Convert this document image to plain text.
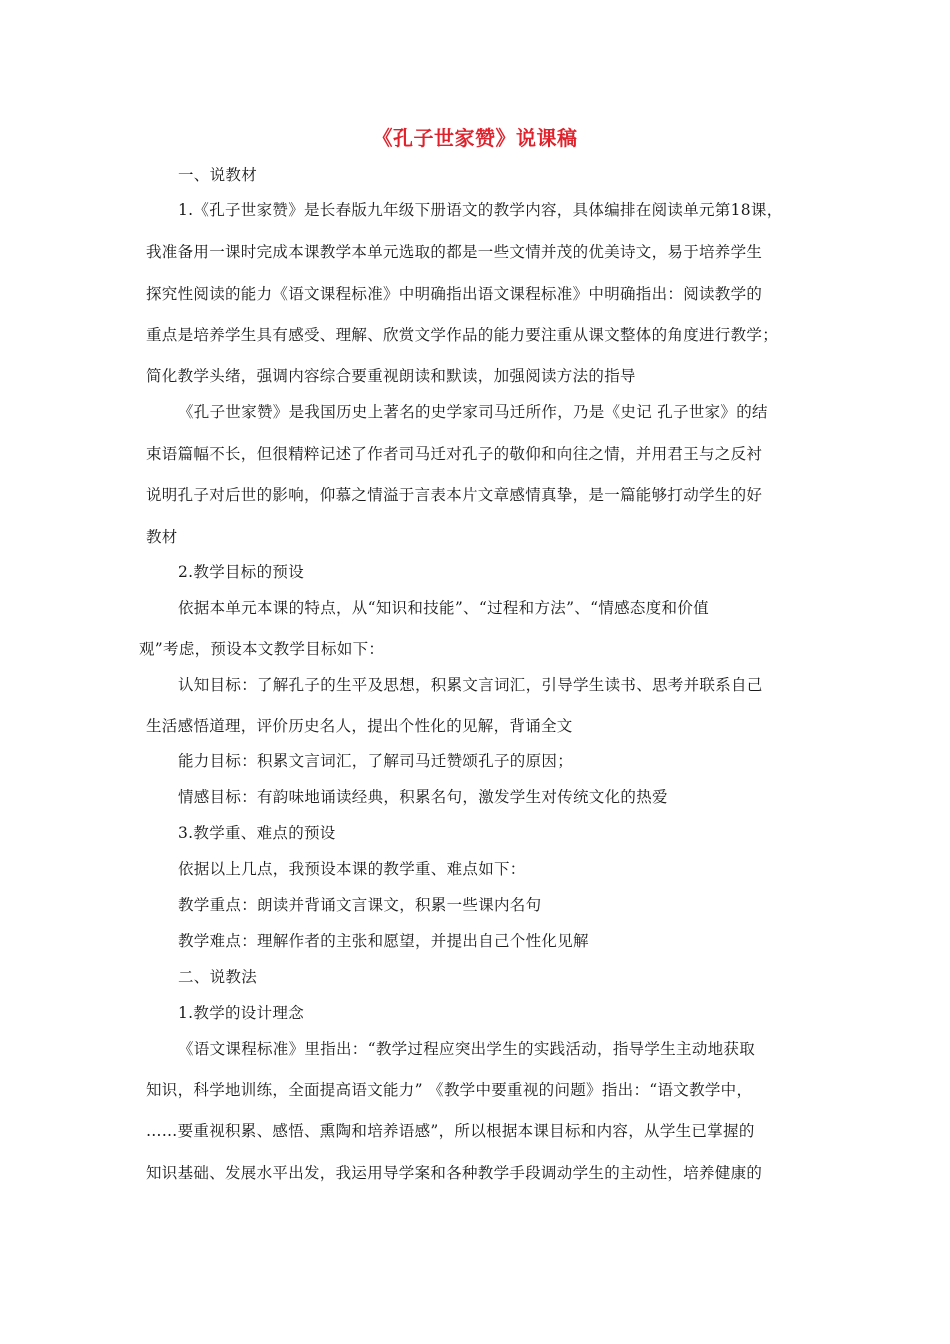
《孔子世家赞》说课稿
一、说教材
1.《孔子世家赞》是长春版九年级下册语文的教学内容，具体编排在阅读单元第18课，
我准备用一课时完成本课教学本单元选取的都是一些文情并茂的优美诗文，易于培养学生
探究性阅读的能力《语文课程标准》中明确指出语文课程标准》中明确指出：阅读教学的
重点是培养学生具有感受、理解、欣赏文学作品的能力要注重从课文整体的角度进行教学；
简化教学头绪，强调内容综合要重视朗读和默读，加强阅读方法的指导
《孔子世家赞》是我国历史上著名的史学家司马迁所作，乃是《史记 孔子世家》的结
束语篇幅不长，但很精粹记述了作者司马迁对孔子的敬仰和向往之情，并用君王与之反衬
说明孔子对后世的影响，仰慕之情溢于言表本片文章感情真挚，是一篇能够打动学生的好
教材
2.教学目标的预设
依据本单元本课的特点，从“知识和技能”、“过程和方法”、“情感态度和价值
观”考虑，预设本文教学目标如下：
认知目标：了解孔子的生平及思想，积累文言词汇，引导学生读书、思考并联系自己
生活感悟道理，评价历史名人，提出个性化的见解，背诵全文
能力目标：积累文言词汇，了解司马迁赞颂孔子的原因；
情感目标：有韵味地诵读经典，积累名句，激发学生对传统文化的热爱
3.教学重、难点的预设
依据以上几点，我预设本课的教学重、难点如下：
教学重点：朗读并背诵文言课文，积累一些课内名句
教学难点：理解作者的主张和愿望，并提出自己个性化见解
二、说教法
1.教学的设计理念
《语文课程标准》里指出：“教学过程应突出学生的实践活动，指导学生主动地获取
知识，科学地训练，全面提高语文能力” 《教学中要重视的问题》指出：“语文教学中，
……要重视积累、感悟、熏陶和培养语感”，所以根据本课目标和内容，从学生已掌握的
知识基础、发展水平出发，我运用导学案和各种教学手段调动学生的主动性，培养健康的
